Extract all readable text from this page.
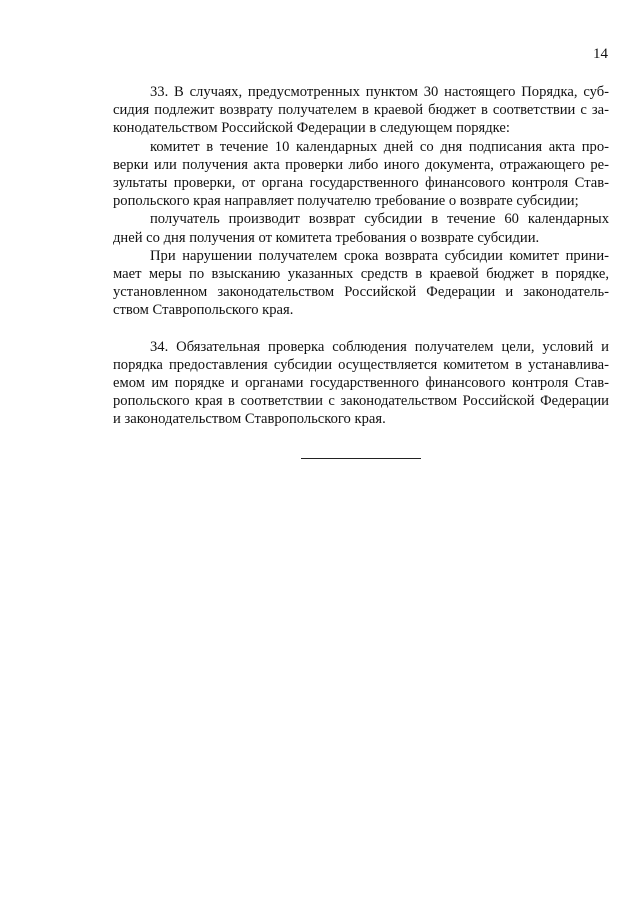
14

33. В случаях, предусмотренных пунктом 30 настоящего Порядка, суб-
сидия подлежит возврату получателем в краевой бюджет в соответствии с за-
конодательством Российской Федерации в следующем порядке:

комитет в течение 10 календарных дней со дня подписания акта про-
верки или получения акта проверки либо иного документа, отражающего ре-
зультаты проверки, от органа государственного финансового контроля Став-
ропольского края направляет получателю требование о возврате субсидии;

получатель производит возврат субсидии в течение 60 календарных
дней со дня получения от комитета требования о возврате субсидии.

При нарушении получателем срока возврата субсидии комитет прини-
мает меры по взысканию указанных средств в краевой бюджет в порядке,
установленном законодательством Российской Федерации и законодатель-
ством Ставропольского края.

34. Обязательная проверка соблюдения получателем цели, условий и
порядка предоставления субсидии осуществляется комитетом в устанавлива-
емом им порядке и органами государственного финансового контроля Став-
ропольского края в соответствии с законодательством Российской Федерации
и законодательством Ставропольского края.
